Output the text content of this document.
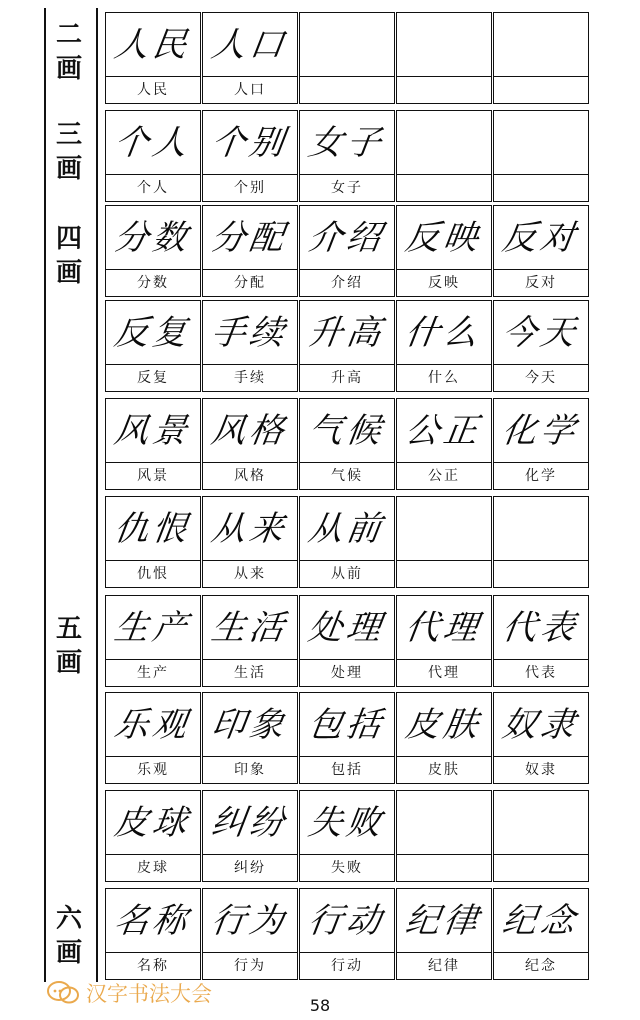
二
画
三
画
四
画
五
画
六
画
人民
人民
人口
人口
个人
个人
个别
个别
女子
女子
分数
分数
分配
分配
介绍
介绍
反映
反映
反对
反对
反复
反复
手续
手续
升高
升高
什么
什么
今天
今天
风景
风景
风格
风格
气候
气候
公正
公正
化学
化学
仇恨
仇恨
从来
从来
从前
从前
生产
生产
生活
生活
处理
处理
代理
代理
代表
代表
乐观
乐观
印象
印象
包括
包括
皮肤
皮肤
奴隶
奴隶
皮球
皮球
纠纷
纠纷
失败
失败
名称
名称
行为
行为
行动
行动
纪律
纪律
纪念
纪念
汉字书法大会	58
